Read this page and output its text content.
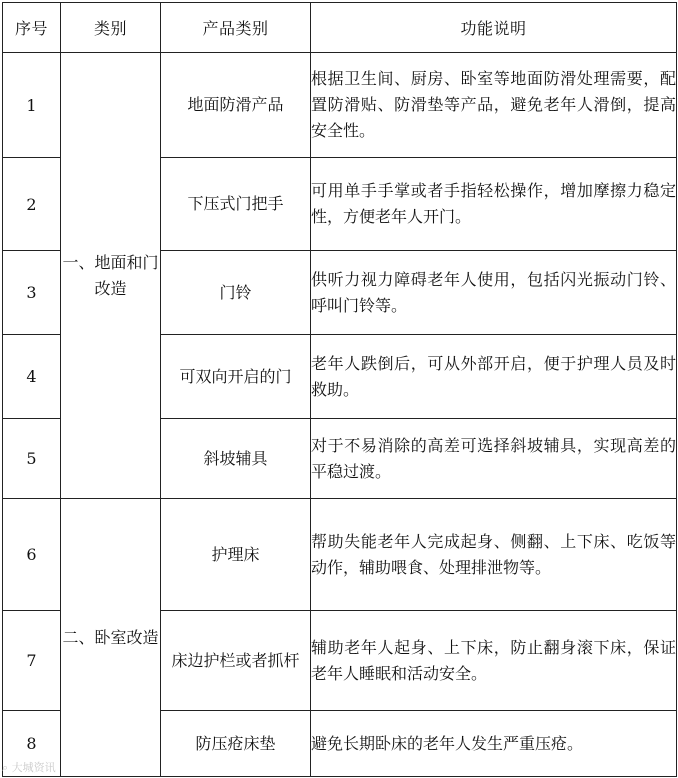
序号	类别	产品类别	功能说明
1	一、地面和门改造	地面防滑产品	根据卫生间、厨房、卧室等地面防滑处理需要，配置防滑贴、防滑垫等产品，避免老年人滑倒，提高安全性。
2		下压式门把手	可用单手手掌或者手指轻松操作，增加摩擦力稳定性，方便老年人开门。
3		门铃	供听力视力障碍老年人使用，包括闪光振动门铃、呼叫门铃等。
4		可双向开启的门	老年人跌倒后，可从外部开启，便于护理人员及时救助。
5		斜坡辅具	对于不易消除的高差可选择斜坡辅具，实现高差的平稳过渡。
6	二、卧室改造	护理床	帮助失能老年人完成起身、侧翻、上下床、吃饭等动作，辅助喂食、处理排泄物等。
7		床边护栏或者抓杆	辅助老年人起身、上下床，防止翻身滚下床，保证老年人睡眠和活动安全。
8		防压疮床垫	避免长期卧床的老年人发生严重压疮。
⌕ 大城资讯
